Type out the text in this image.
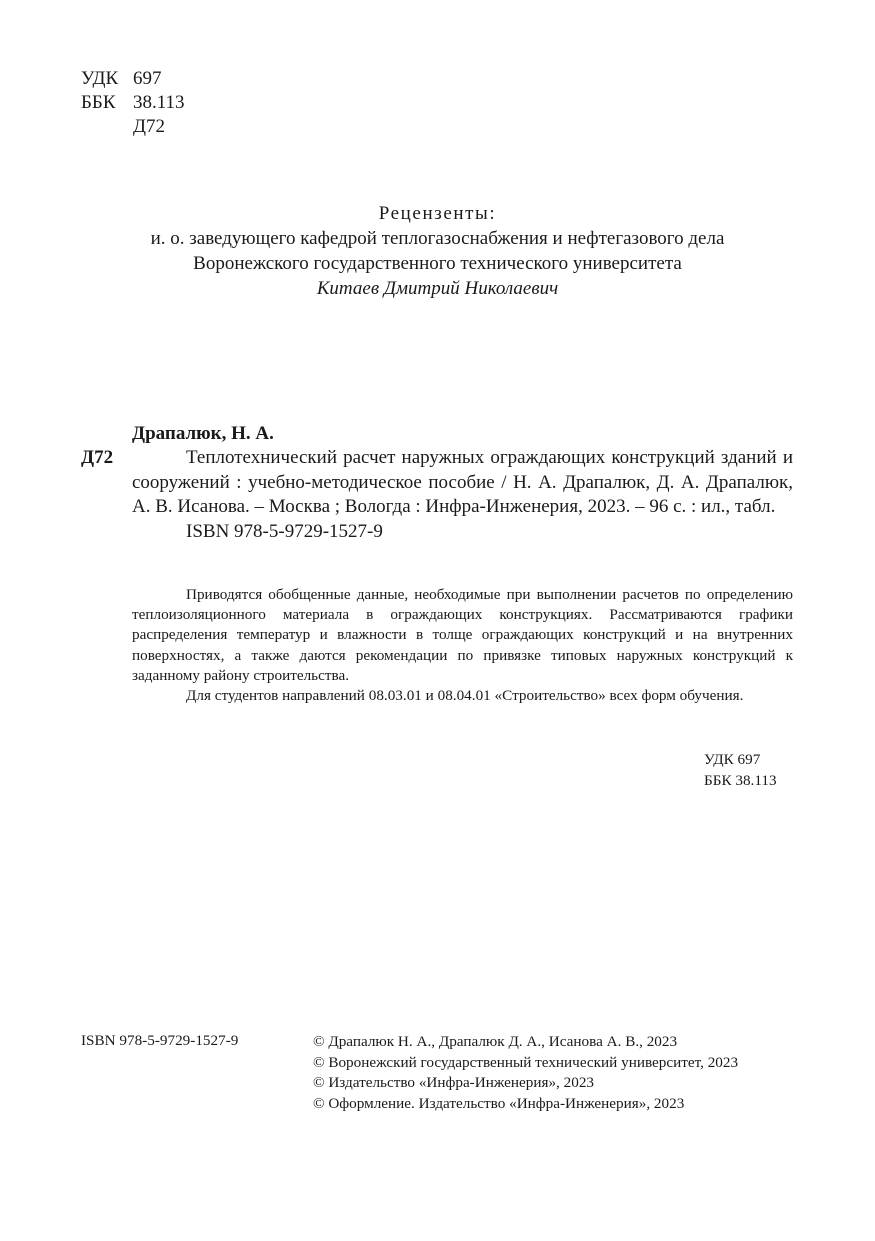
УДК 697
ББК 38.113
Д72
Рецензенты:
и. о. заведующего кафедрой теплогазоснабжения и нефтегазового дела
Воронежского государственного технического университета
Китаев Дмитрий Николаевич
Драпалюк, Н. А.
Д72	Теплотехнический расчет наружных ограждающих конструкций зданий и сооружений : учебно-методическое пособие / Н. А. Драпалюк, Д. А. Драпалюк, А. В. Исанова. – Москва ; Вологда : Инфра-Инженерия, 2023. – 96 с. : ил., табл.

ISBN 978-5-9729-1527-9

Приводятся обобщенные данные, необходимые при выполнении расчетов по определению теплоизоляционного материала в ограждающих конструкциях. Рассматриваются графики распределения температур и влажности в толще ограждающих конструкций и на внутренних поверхностях, а также даются рекомендации по привязке типовых наружных конструкций к заданному району строительства.

Для студентов направлений 08.03.01 и 08.04.01 «Строительство» всех форм обучения.

УДК 697
ББК 38.113
ISBN 978-5-9729-1527-9	© Драпалюк Н. А., Драпалюк Д. А., Исанова А. В., 2023
© Воронежский государственный технический университет, 2023
© Издательство «Инфра-Инженерия», 2023
© Оформление. Издательство «Инфра-Инженерия», 2023
